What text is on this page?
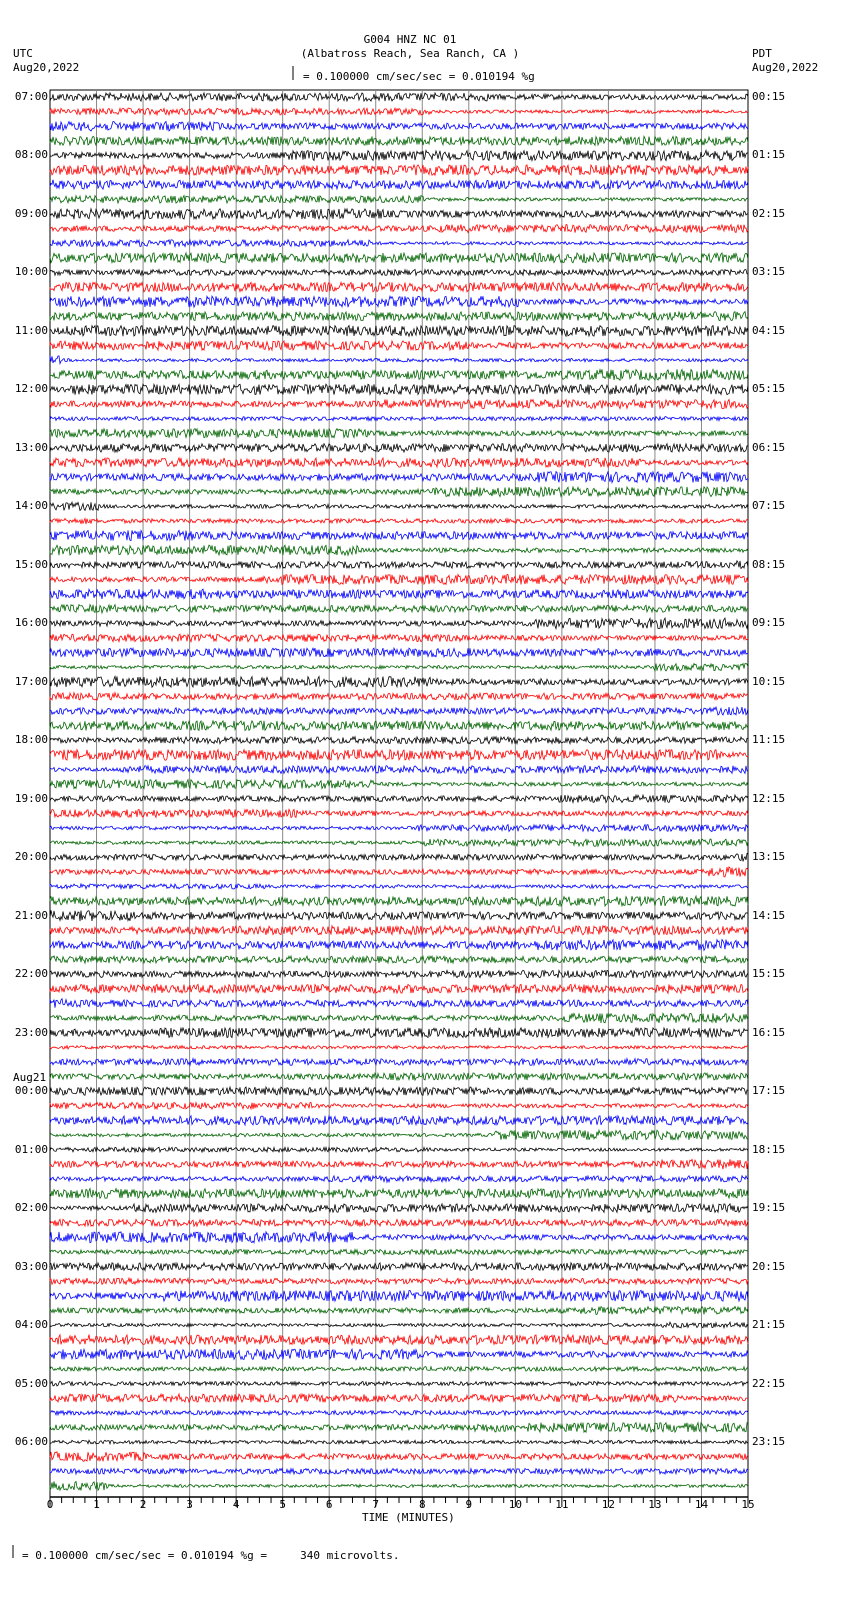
G004 HNZ NC 01
(Albatross Reach, Sea Ranch, CA )
UTC
Aug20,2022
PDT
Aug20,2022
= 0.100000 cm/sec/sec = 0.010194 %g
TIME (MINUTES)
= 0.100000 cm/sec/sec = 0.010194 %g =     340 microvolts.
0	1	2	3	4	5	6	7	8	9	10	11	12	13	14	15
07:00
08:00
09:00
10:00
11:00
12:00
13:00
14:00
15:00
16:00
17:00
18:00
19:00
20:00
21:00
22:00
23:00
00:00
Aug21
01:00
02:00
03:00
04:00
05:00
06:00
00:15
01:15
02:15
03:15
04:15
05:15
06:15
07:15
08:15
09:15
10:15
11:15
12:15
13:15
14:15
15:15
16:15
17:15
18:15
19:15
20:15
21:15
22:15
23:15
